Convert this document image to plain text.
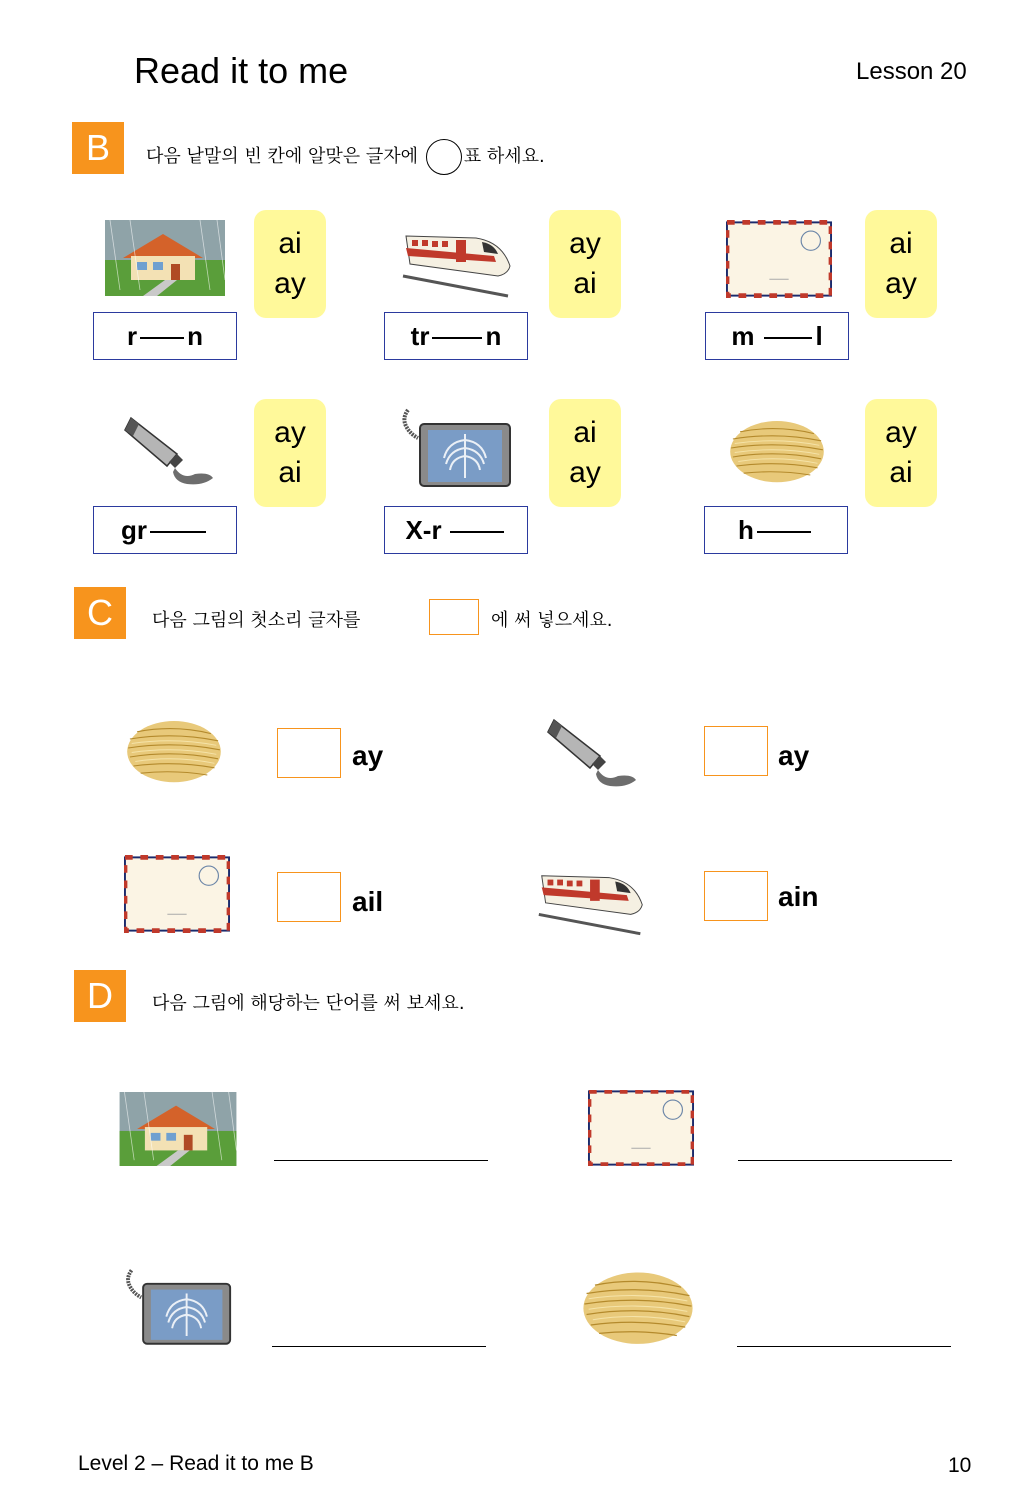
Read it to me	Lesson 20
B	다음 낱말의 빈 칸에 알맞은 글자에 ○ 표 하세요.
ai
ay
r n
ay
ai
tr n
ai
ay
m l
ay
ai
gr
ai
ay
X-r
ay
ai
h
C	다음 그림의 첫소리 글자를	에 써 넣으세요.
ay	ay
ail	ain
D	다음 그림에 해당하는 단어를 써 보세요.
Level 2 – Read it to me B	10
